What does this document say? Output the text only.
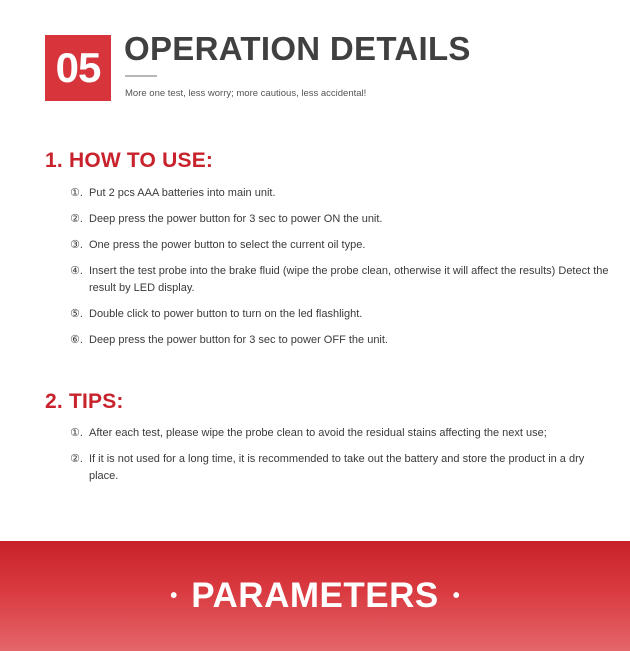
05 OPERATION DETAILS
More one test, less worry; more cautious, less accidental!
1. HOW TO USE:
①. Put 2 pcs AAA batteries into main unit.
②. Deep press the power button for 3 sec to power ON the unit.
③. One press the power button to select the current oil type.
④. Insert the test probe into the brake fluid (wipe the probe clean, otherwise it will affect the results) Detect the result by LED display.
⑤. Double click to power button to turn on the led flashlight.
⑥. Deep press the power button for 3 sec to power OFF the unit.
2. TIPS:
①. After each test, please wipe the probe clean to avoid the residual stains affecting the next use;
②. If it is not used for a long time, it is recommended to take out the battery and store the product in a dry place.
• PARAMETERS •
